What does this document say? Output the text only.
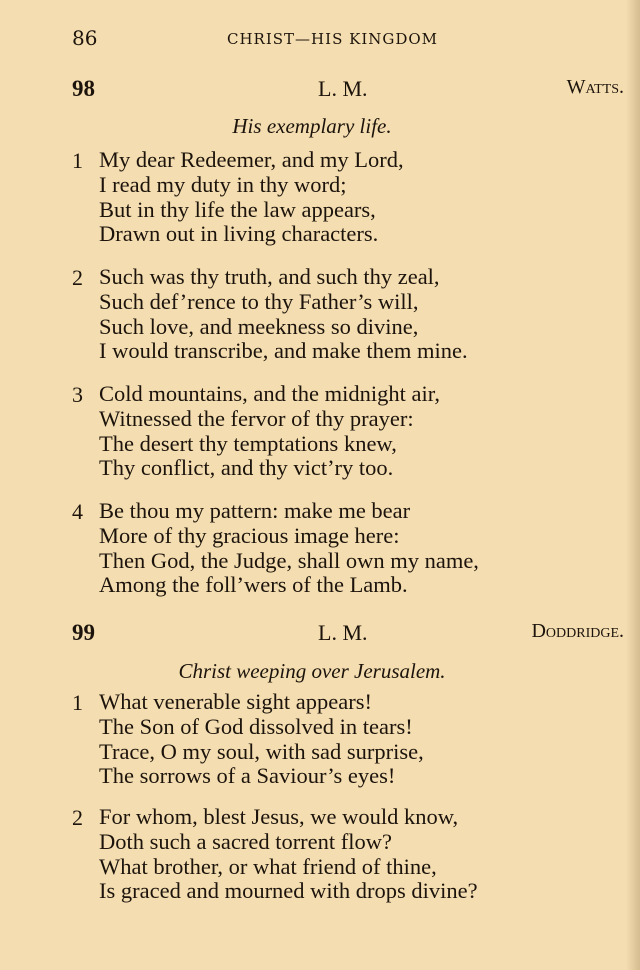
86	CHRIST—HIS KINGDOM
98	L. M.	Watts.
His exemplary life.
1 My dear Redeemer, and my Lord,
I read my duty in thy word;
But in thy life the law appears,
Drawn out in living characters.
2 Such was thy truth, and such thy zeal,
Such def’rence to thy Father’s will,
Such love, and meekness so divine,
I would transcribe, and make them mine.
3 Cold mountains, and the midnight air,
Witnessed the fervor of thy prayer:
The desert thy temptations knew,
Thy conflict, and thy vict’ry too.
4 Be thou my pattern: make me bear
More of thy gracious image here:
Then God, the Judge, shall own my name,
Among the foll’wers of the Lamb.
99	L. M.	Doddridge.
Christ weeping over Jerusalem.
1 What venerable sight appears!
The Son of God dissolved in tears!
Trace, O my soul, with sad surprise,
The sorrows of a Saviour’s eyes!
2 For whom, blest Jesus, we would know,
Doth such a sacred torrent flow?
What brother, or what friend of thine,
Is graced and mourned with drops divine?
